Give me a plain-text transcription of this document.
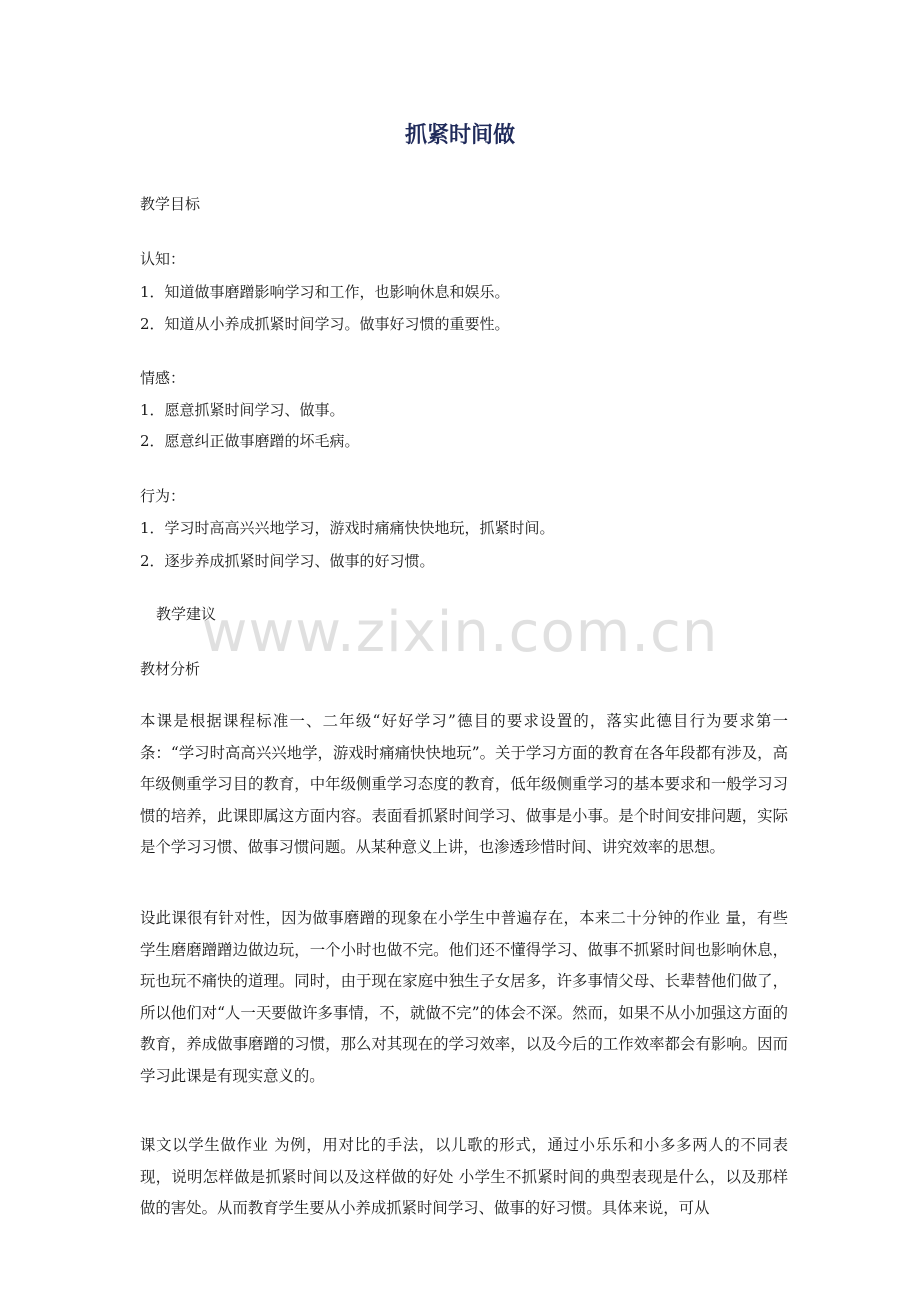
抓紧时间做
教学目标
认知：
1．知道做事磨蹭影响学习和工作，也影响休息和娱乐。
2．知道从小养成抓紧时间学习。做事好习惯的重要性。
情感：
1．愿意抓紧时间学习、做事。
2．愿意纠正做事磨蹭的坏毛病。
行为：
1．学习时高高兴兴地学习，游戏时痛痛快快地玩，抓紧时间。
2．逐步养成抓紧时间学习、做事的好习惯。
教学建议
教材分析
本课是根据课程标准一、二年级“好好学习”德目的要求设置的，落实此德目行为要求第一条：“学习时高高兴兴地学，游戏时痛痛快快地玩”。关于学习方面的教育在各年段都有涉及，高年级侧重学习目的教育，中年级侧重学习态度的教育，低年级侧重学习的基本要求和一般学习习惯的培养，此课即属这方面内容。表面看抓紧时间学习、做事是小事。是个时间安排问题，实际是个学习习惯、做事习惯问题。从某种意义上讲，也渗透珍惜时间、讲究效率的思想。
设此课很有针对性，因为做事磨蹭的现象在小学生中普遍存在，本来二十分钟的作业 量，有些学生磨磨蹭蹭边做边玩，一个小时也做不完。他们还不懂得学习、做事不抓紧时间也影响休息，玩也玩不痛快的道理。同时，由于现在家庭中独生子女居多，许多事情父母、长辈替他们做了，所以他们对“人一天要做许多事情，不，就做不完”的体会不深。然而，如果不从小加强这方面的教育，养成做事磨蹭的习惯，那么对其现在的学习效率，以及今后的工作效率都会有影响。因而学习此课是有现实意义的。
课文以学生做作业 为例，用对比的手法，以儿歌的形式，通过小乐乐和小多多两人的不同表现，说明怎样做是抓紧时间以及这样做的好处 小学生不抓紧时间的典型表现是什么，以及那样做的害处。从而教育学生要从小养成抓紧时间学习、做事的好习惯。具体来说，可从
www.zixin.com.cn
